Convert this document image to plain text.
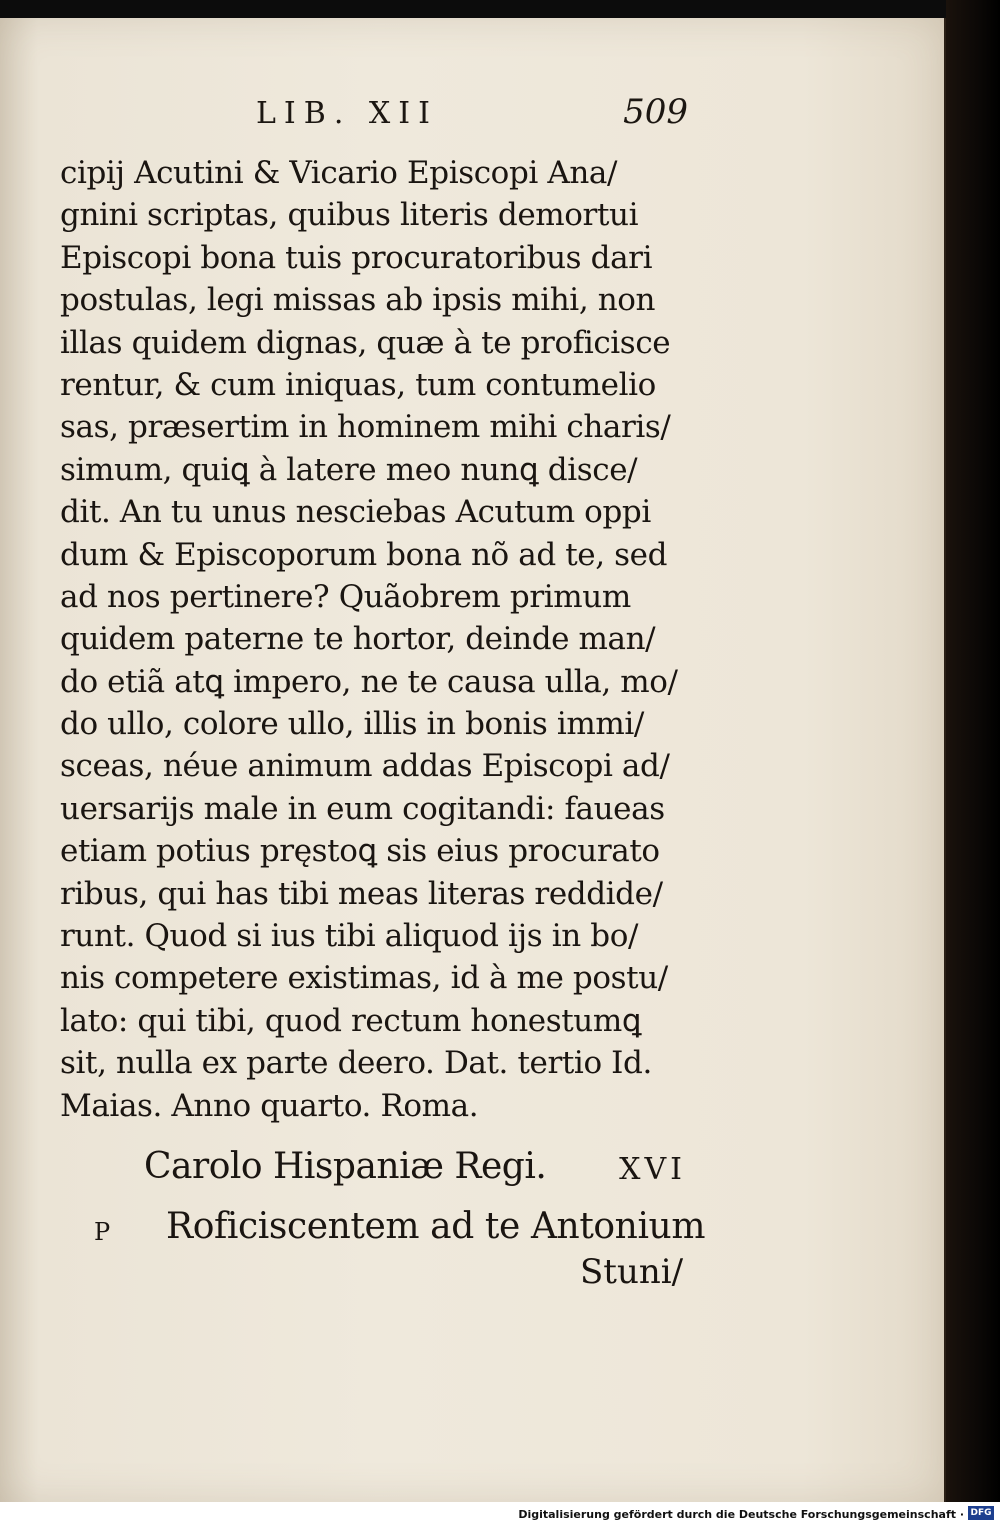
LIB. XII	509
cipij Acutini & Vicario Episcopi Ana/
gnini scriptas, quibus literis demortui
Episcopi bona tuis procuratoribus dari
postulas, legi missas ab ipsis mihi, non
illas quidem dignas, quæ à te proficisce
rentur, & cum iniquas, tum contumelio
sas, præsertim in hominem mihi charis/
simum, quiꝗ à latere meo nunꝗ disce/
dit. An tu unus nesciebas Acutum oppi
dum & Episcoporum bona nõ ad te, sed
ad nos pertinere? Quãobrem primum
quidem paterne te hortor, deinde man/
do etiã atꝗ impero, ne te causa ulla, mo/
do ullo, colore ullo, illis in bonis immi/
sceas, néue animum addas Episcopi ad/
uersarijs male in eum cogitandi: faueas
etiam potius pręstoꝗ sis eius procurato
ribus, qui has tibi meas literas reddide/
runt. Quod si ius tibi aliquod ijs in bo/
nis competere existimas, id à me postu/
lato: qui tibi, quod rectum honestumꝗ
sit, nulla ex parte deero. Dat. tertio Id.
Maias. Anno quarto. Roma.
Carolo Hispaniæ Regi. XVI
P Roficiscentem ad te Antonium
Stuni/
Digitalisierung gefördert durch die Deutsche Forschungsgemeinschaft · DFG
